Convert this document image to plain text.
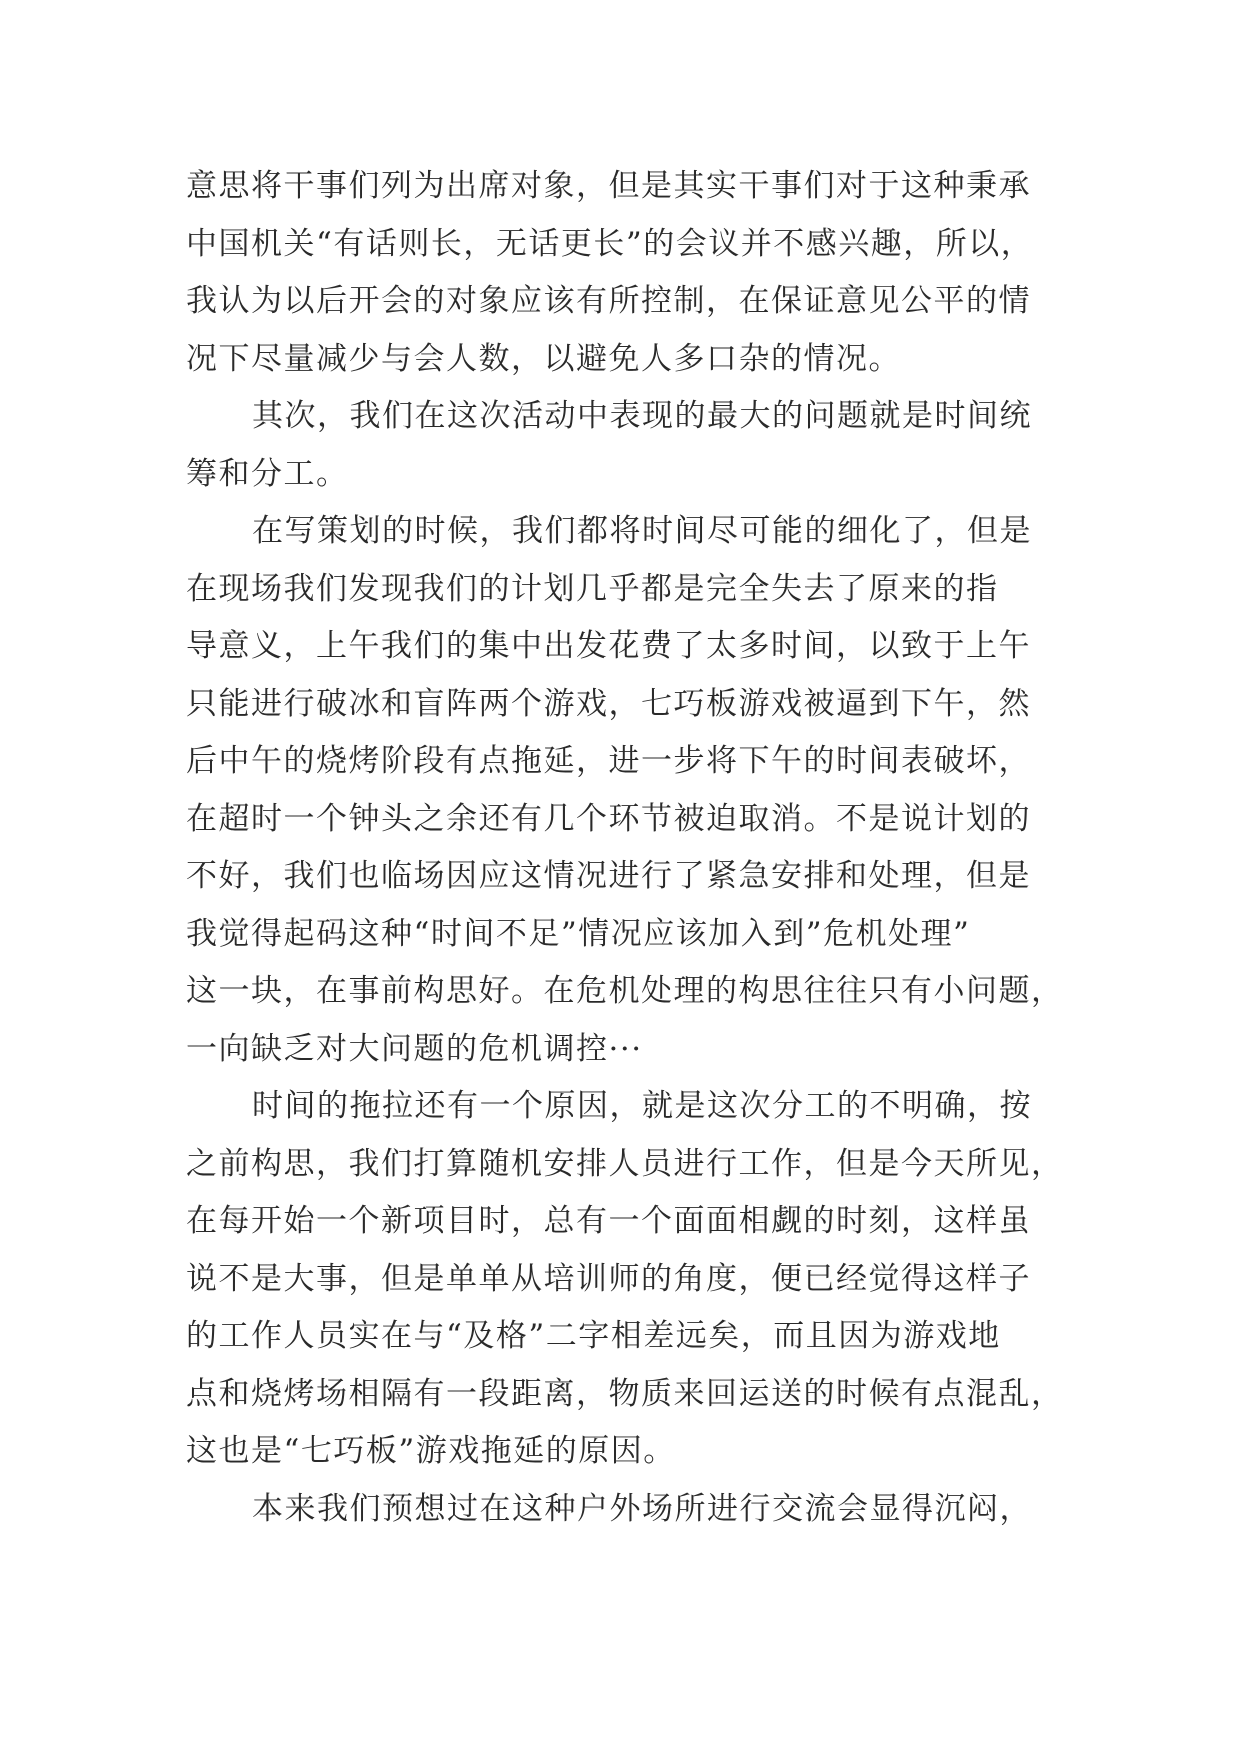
意思将干事们列为出席对象，但是其实干事们对于这种秉承
中国机关“有话则长，无话更长”的会议并不感兴趣，所以，
我认为以后开会的对象应该有所控制，在保证意见公平的情
况下尽量减少与会人数，以避免人多口杂的情况。

其次，我们在这次活动中表现的最大的问题就是时间统
筹和分工。

在写策划的时候，我们都将时间尽可能的细化了，但是
在现场我们发现我们的计划几乎都是完全失去了原来的指
导意义，上午我们的集中出发花费了太多时间，以致于上午
只能进行破冰和盲阵两个游戏，七巧板游戏被逼到下午，然
后中午的烧烤阶段有点拖延，进一步将下午的时间表破坏，
在超时一个钟头之余还有几个环节被迫取消。不是说计划的
不好，我们也临场因应这情况进行了紧急安排和处理，但是
我觉得起码这种“时间不足”情况应该加入到”危机处理”
这一块，在事前构思好。在危机处理的构思往往只有小问题，
一向缺乏对大问题的危机调控···

时间的拖拉还有一个原因，就是这次分工的不明确，按
之前构思，我们打算随机安排人员进行工作，但是今天所见，
在每开始一个新项目时，总有一个面面相觑的时刻，这样虽
说不是大事，但是单单从培训师的角度，便已经觉得这样子
的工作人员实在与“及格”二字相差远矣，而且因为游戏地
点和烧烤场相隔有一段距离，物质来回运送的时候有点混乱，
这也是“七巧板”游戏拖延的原因。

本来我们预想过在这种户外场所进行交流会显得沉闷，
